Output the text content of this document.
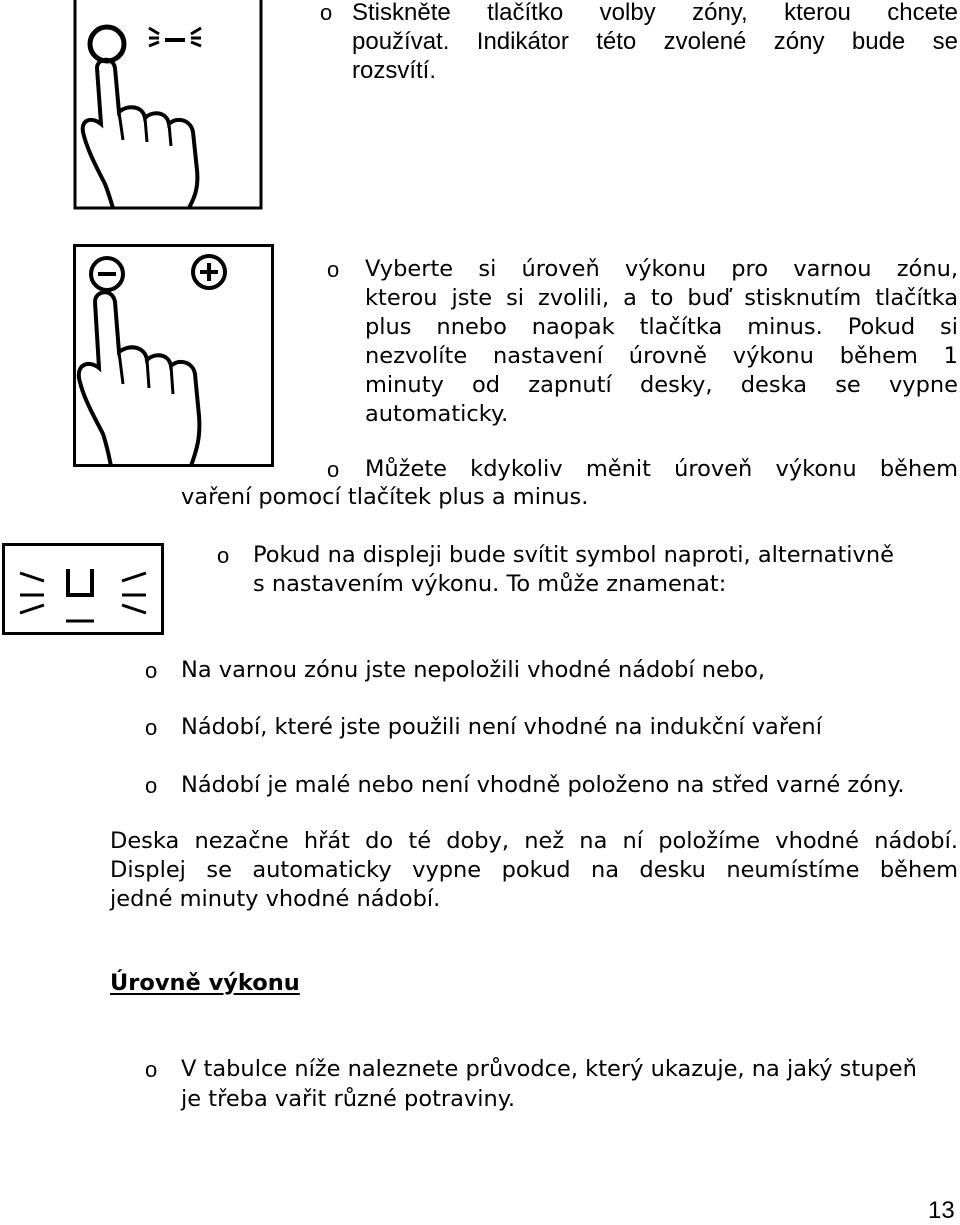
o Stiskněte tlačítko volby zóny, kterou chcete
používat. Indikátor této zvolené zóny bude se
rozsvítí.
o Vyberte si úroveň výkonu pro varnou zónu,
kterou jste si zvolili, a to buď stisknutím tlačítka
plus nnebo naopak tlačítka minus. Pokud si
nezvolíte nastavení úrovně výkonu během 1
minuty od zapnutí desky, deska se vypne
automaticky.
o Můžete kdykoliv měnit úroveň výkonu během
vaření pomocí tlačítek plus a minus.
o Pokud na displeji bude svítit symbol naproti, alternativně
s nastavením výkonu. To může znamenat:
o Na varnou zónu jste nepoložili vhodné nádobí nebo,
o Nádobí, které jste použili není vhodné na indukční vaření
o Nádobí je malé nebo není vhodně položeno na střed varné zóny.
Deska nezačne hřát do té doby, než na ní položíme vhodné nádobí.
Displej se automaticky vypne pokud na desku neumístíme během
jedné minuty vhodné nádobí.
Úrovně výkonu
o V tabulce níže naleznete průvodce, který ukazuje, na jaký stupeň
je třeba vařit různé potraviny.
13
